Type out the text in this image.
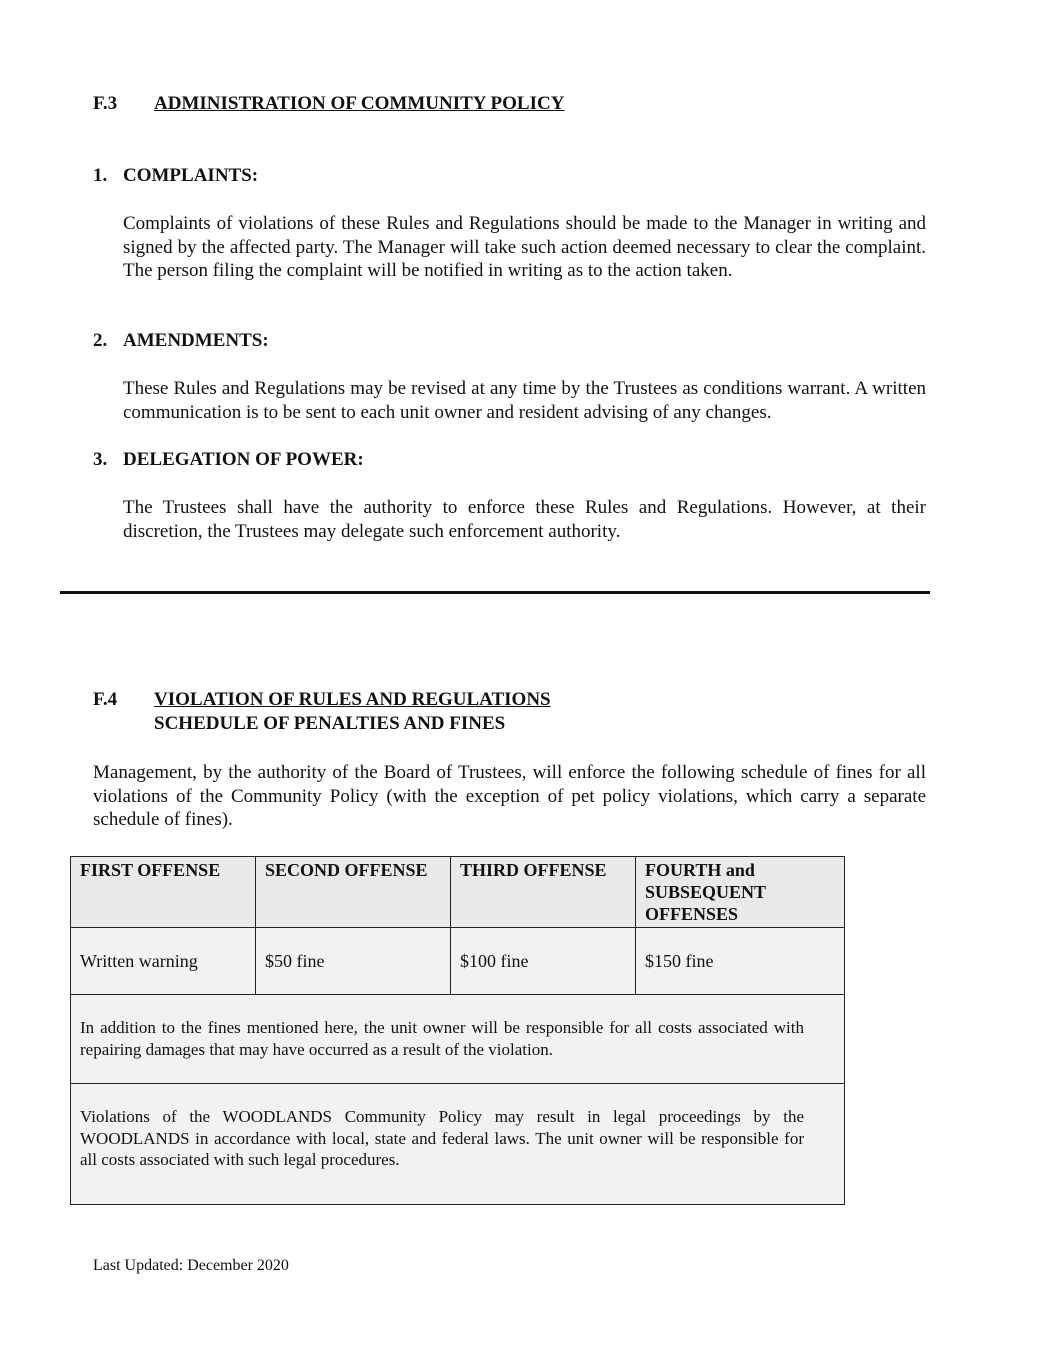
F.3 ADMINISTRATION OF COMMUNITY POLICY
1. COMPLAINTS:
Complaints of violations of these Rules and Regulations should be made to the Manager in writing and signed by the affected party. The Manager will take such action deemed necessary to clear the complaint. The person filing the complaint will be notified in writing as to the action taken.
2. AMENDMENTS:
These Rules and Regulations may be revised at any time by the Trustees as conditions warrant. A written communication is to be sent to each unit owner and resident advising of any changes.
3. DELEGATION OF POWER:
The Trustees shall have the authority to enforce these Rules and Regulations. However, at their discretion, the Trustees may delegate such enforcement authority.
F.4 VIOLATION OF RULES AND REGULATIONS
SCHEDULE OF PENALTIES AND FINES
Management, by the authority of the Board of Trustees, will enforce the following schedule of fines for all violations of the Community Policy (with the exception of pet policy violations, which carry a separate schedule of fines).
FIRST OFFENSE	SECOND OFFENSE	THIRD OFFENSE	FOURTH and SUBSEQUENT OFFENSES
Written warning	$50 fine	$100 fine	$150 fine
In addition to the fines mentioned here, the unit owner will be responsible for all costs associated with repairing damages that may have occurred as a result of the violation.			
Violations of the WOODLANDS Community Policy may result in legal proceedings by the WOODLANDS in accordance with local, state and federal laws. The unit owner will be responsible for all costs associated with such legal procedures.			
Last Updated: December 2020
